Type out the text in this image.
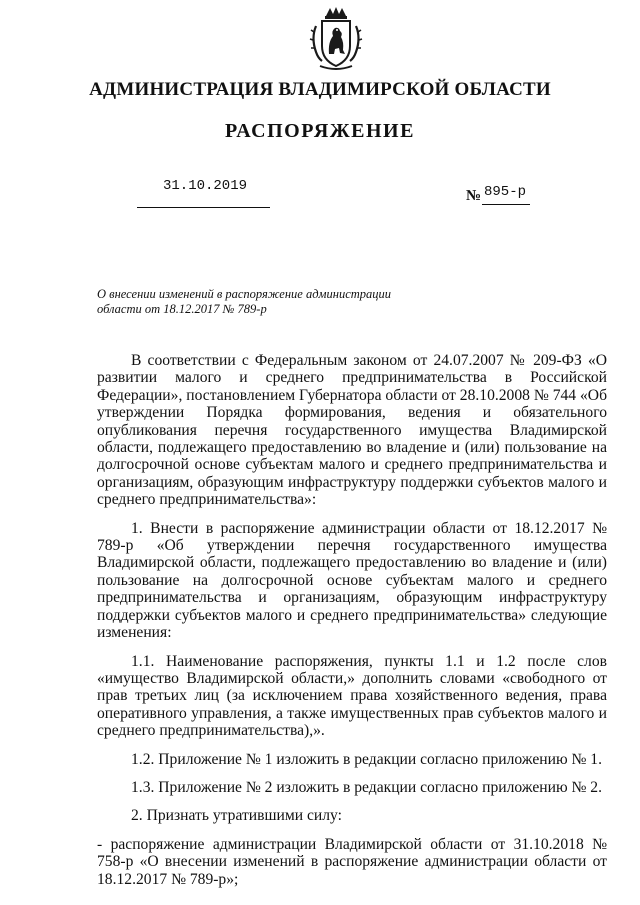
АДМИНИСТРАЦИЯ ВЛАДИМИРСКОЙ ОБЛАСТИ
РАСПОРЯЖЕНИЕ
31.10.2019
№ 895-р
О внесении изменений в распоряжение администрации области от 18.12.2017 № 789-р

В соответствии с Федеральным законом от 24.07.2007 № 209-ФЗ «О развитии малого и среднего предпринимательства в Российской Федерации», постановлением Губернатора области от 28.10.2008 № 744 «Об утверждении Порядка формирования, ведения и обязательного опубликования перечня государственного имущества Владимирской области, подлежащего предоставлению во владение и (или) пользование на долгосрочной основе субъектам малого и среднего предпринимательства и организациям, образующим инфраструктуру поддержки субъектов малого и среднего предпринимательства»:

1. Внести в распоряжение администрации области от 18.12.2017 № 789-р «Об утверждении перечня государственного имущества Владимирской области, подлежащего предоставлению во владение и (или) пользование на долгосрочной основе субъектам малого и среднего предпринимательства и организациям, образующим инфраструктуру поддержки субъектов малого и среднего предпринимательства» следующие изменения:

1.1. Наименование распоряжения, пункты 1.1 и 1.2 после слов «имущество Владимирской области,» дополнить словами «свободного от прав третьих лиц (за исключением права хозяйственного ведения, права оперативного управления, а также имущественных прав субъектов малого и среднего предпринимательства),».

1.2. Приложение № 1 изложить в редакции согласно приложению № 1.

1.3. Приложение № 2 изложить в редакции согласно приложению № 2.

2. Признать утратившими силу:

- распоряжение администрации Владимирской области от 31.10.2018 № 758-р «О внесении изменений в распоряжение администрации области от 18.12.2017 № 789-р»;
